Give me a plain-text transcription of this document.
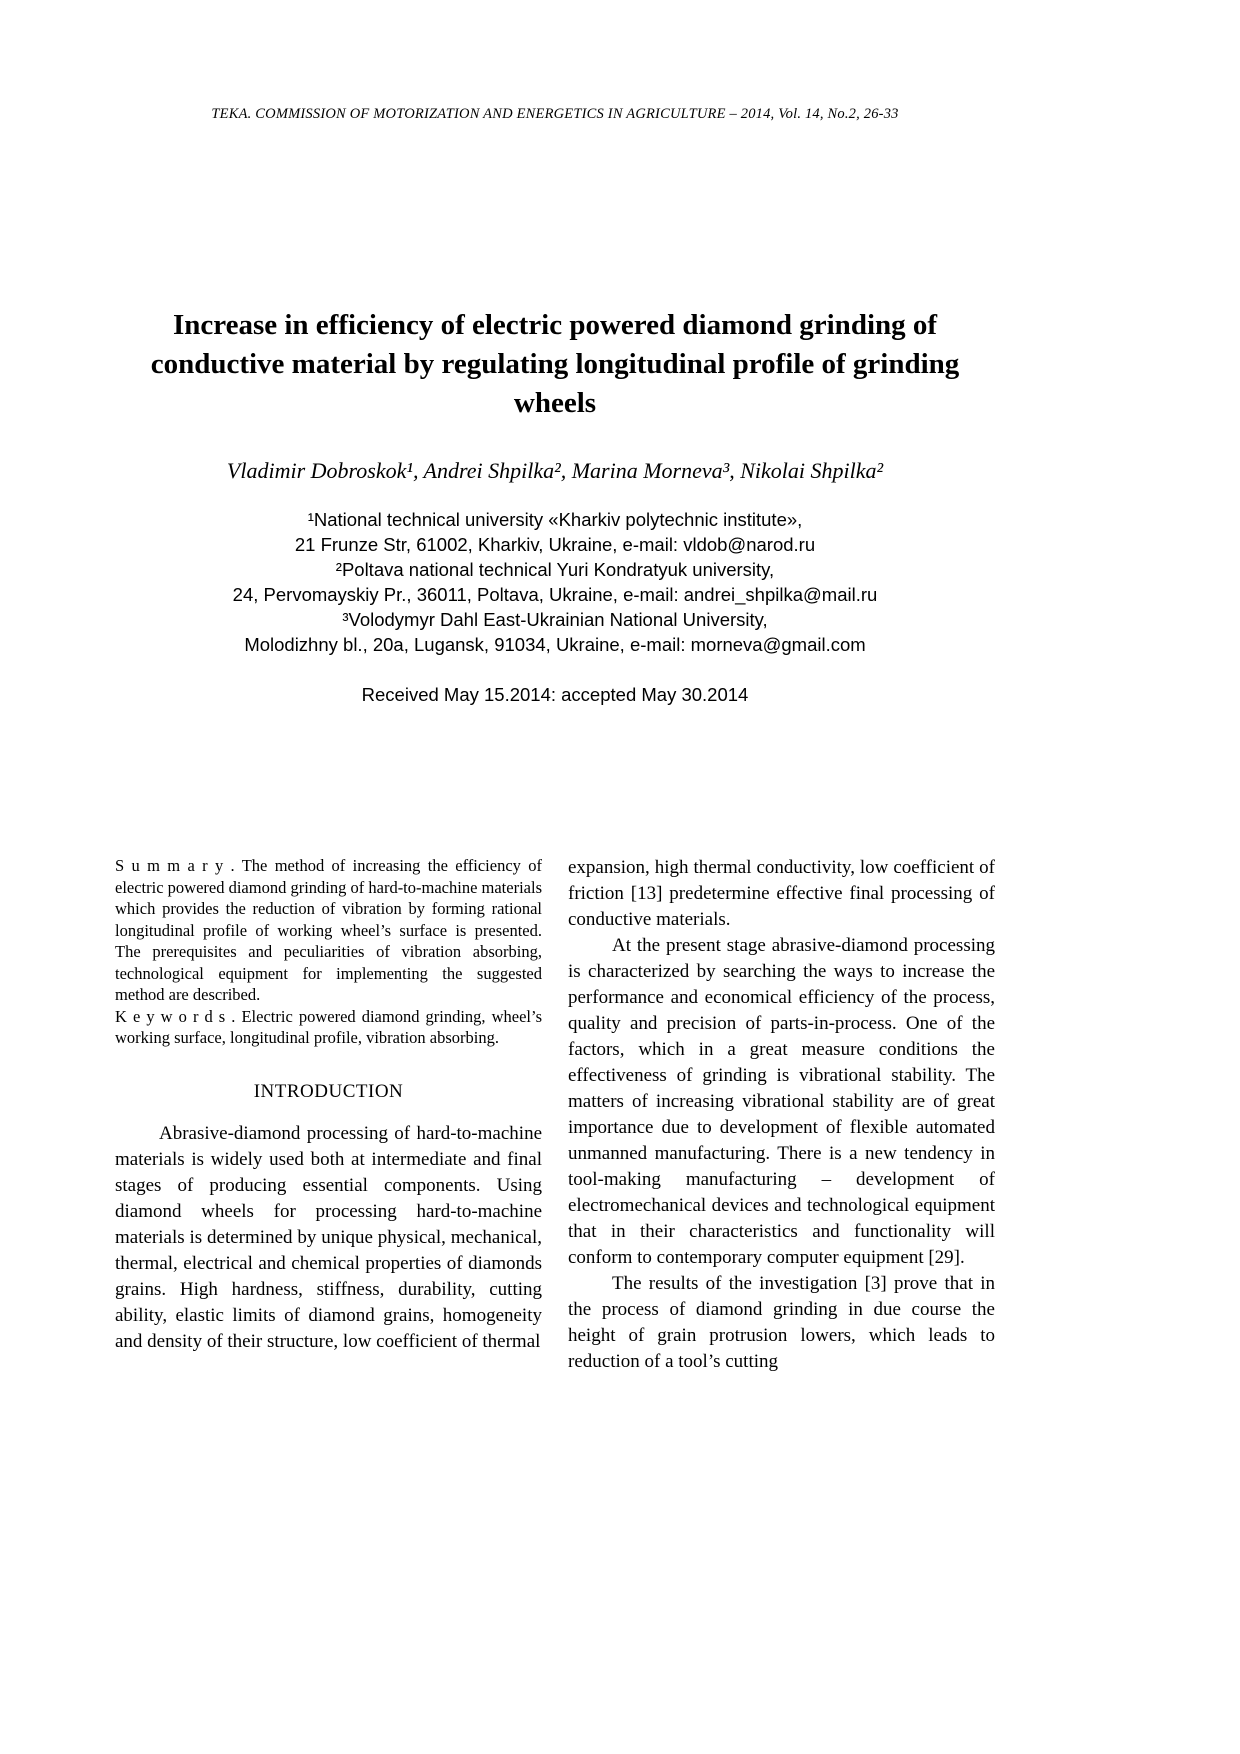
TEKA. COMMISSION OF MOTORIZATION AND ENERGETICS IN AGRICULTURE – 2014, Vol. 14, No.2, 26-33
Increase in efficiency of electric powered diamond grinding of conductive material by regulating longitudinal profile of grinding wheels
Vladimir Dobroskok¹, Andrei Shpilka², Marina Morneva³, Nikolai Shpilka²
¹National technical university «Kharkiv polytechnic institute»,
21 Frunze Str, 61002, Kharkiv, Ukraine, e-mail: vldob@narod.ru
²Poltava national technical Yuri Kondratyuk university,
24, Pervomayskiy Pr., 36011, Poltava, Ukraine, e-mail: andrei_shpilka@mail.ru
³Volodymyr Dahl East-Ukrainian National University,
Molodizhny bl., 20a, Lugansk, 91034, Ukraine, e-mail: morneva@gmail.com
Received May 15.2014: accepted May 30.2014

S u m m a r y . The method of increasing the efficiency of electric powered diamond grinding of hard-to-machine materials which provides the reduction of vibration by forming rational longitudinal profile of working wheel’s surface is presented. The prerequisites and peculiarities of vibration absorbing, technological equipment for implementing the suggested method are described.

K e y w o r d s . Electric powered diamond grinding, wheel’s working surface, longitudinal profile, vibration absorbing.

INTRODUCTION

Abrasive-diamond processing of hard-to-machine materials is widely used both at intermediate and final stages of producing essential components. Using diamond wheels for processing hard-to-machine materials is determined by unique physical, mechanical, thermal, electrical and chemical properties of diamonds grains. High hardness, stiffness, durability, cutting ability, elastic limits of diamond grains, homogeneity and density of their structure, low coefficient of thermal

expansion, high thermal conductivity, low coefficient of friction [13] predetermine effective final processing of conductive materials.

At the present stage abrasive-diamond processing is characterized by searching the ways to increase the performance and economical efficiency of the process, quality and precision of parts-in-process. One of the factors, which in a great measure conditions the effectiveness of grinding is vibrational stability. The matters of increasing vibrational stability are of great importance due to development of flexible automated unmanned manufacturing. There is a new tendency in tool-making manufacturing – development of electromechanical devices and technological equipment that in their characteristics and functionality will conform to contemporary computer equipment [29].

The results of the investigation [3] prove that in the process of diamond grinding in due course the height of grain protrusion lowers, which leads to reduction of a tool’s cutting
